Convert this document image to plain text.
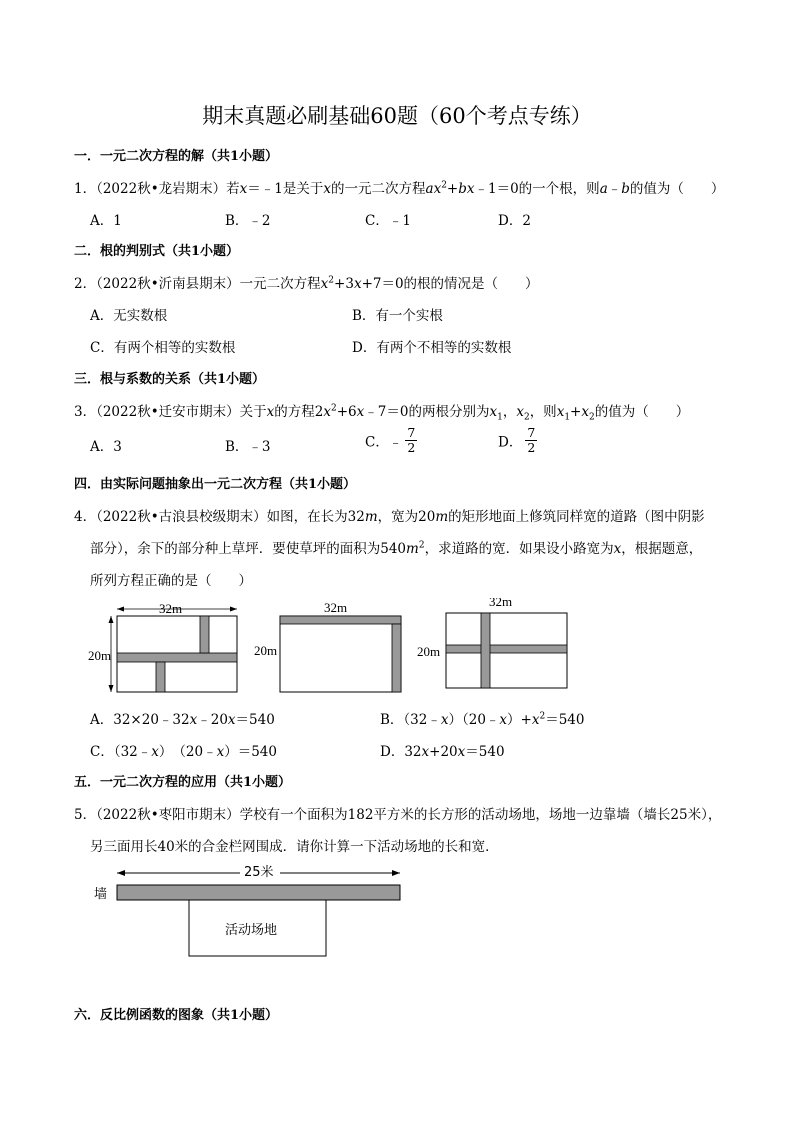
期末真题必刷基础60题（60个考点专练）
一．一元二次方程的解（共1小题）
1．（2022秋•龙岩期末）若x＝﹣1是关于x的一元二次方程$ax^2+bx﹣1=0$的一个根，则a﹣b的值为（　　）
A．1	B．﹣2	C．﹣1	D．2
二．根的判别式（共1小题）
2．（2022秋•沂南县期末）一元二次方程$x^2+3x+7=0$的根的情况是（　　）
A．无实数根	B．有一个实根
C．有两个相等的实数根	D．有两个不相等的实数根
三．根与系数的关系（共1小题）
3．（2022秋•迁安市期末）关于x的方程$2x^2+6x﹣7=0$的两根分别为$x_1$，$x_2$，则$x_1+x_2$的值为（　　）
A．3	B．﹣3	C．﹣ $\frac{7}{2}$	D． $\frac{7}{2}$
四．由实际问题抽象出一元二次方程（共1小题）
4．（2022秋•古浪县校级期末）如图，在长为32m，宽为20m的矩形地面上修筑同样宽的道路（图中阴影
部分），余下的部分种上草坪．要使草坪的面积为$540m^2$，求道路的宽．如果设小路宽为x，根据题意，
所列方程正确的是（　　）
32m
20m
32m
20m
32m
20m
A．32×20﹣32x﹣20x＝540	B．$(32﹣x)(20﹣x)+x^2=540$
C．（32﹣x）　（20﹣x）＝540	D．32x+20x＝540
五．一元二次方程的应用（共1小题）
5．（2022秋•枣阳市期末）学校有一个面积为182平方米的长方形的活动场地，场地一边靠墙（墙长25米），
另三面用长40米的合金栏网围成．请你计算一下活动场地的长和宽．
25米
墙
活动场地
六．反比例函数的图象（共1小题）
